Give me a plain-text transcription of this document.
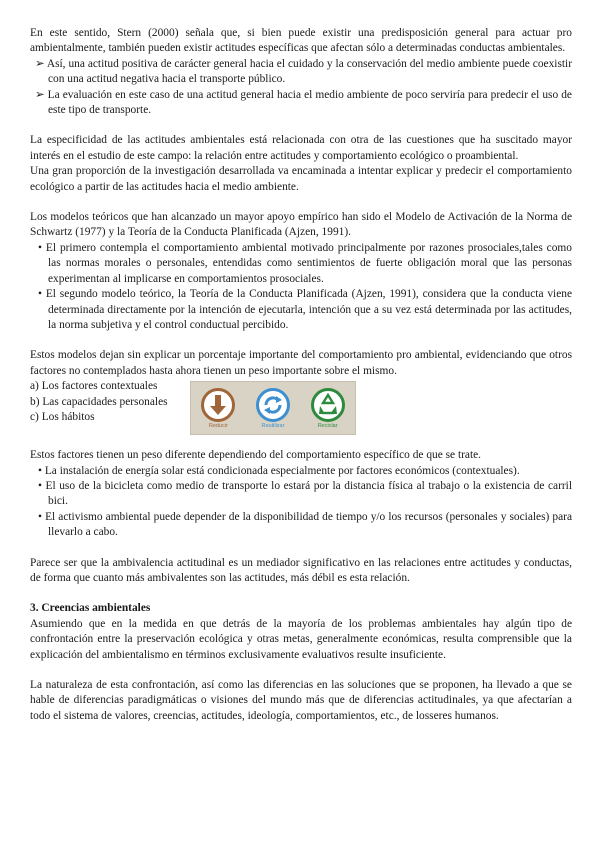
En este sentido, Stern (2000) señala que, si bien puede existir una predisposición general para actuar pro ambientalmente, también pueden existir actitudes específicas que afectan sólo a determinadas conductas ambientales.

➢ Así, una actitud positiva de carácter general hacia el cuidado y la conservación del medio ambiente puede coexistir con una actitud negativa hacia el transporte público.

➢ La evaluación en este caso de una actitud general hacia el medio ambiente de poco serviría para predecir el uso de este tipo de transporte.

La especificidad de las actitudes ambientales está relacionada con otra de las cuestiones que ha suscitado mayor interés en el estudio de este campo: la relación entre actitudes y comportamiento ecológico o proambiental.

Una gran proporción de la investigación desarrollada va encaminada a intentar explicar y predecir el comportamiento ecológico a partir de las actitudes hacia el medio ambiente.

Los modelos teóricos que han alcanzado un mayor apoyo empírico han sido el Modelo de Activación de la Norma de Schwartz (1977) y la Teoría de la Conducta Planificada (Ajzen, 1991).

• El primero contempla el comportamiento ambiental motivado principalmente por razones prosociales,tales como las normas morales o personales, entendidas como sentimientos de fuerte obligación moral que las personas experimentan al implicarse en comportamientos prosociales.

• El segundo modelo teórico, la Teoría de la Conducta Planificada (Ajzen, 1991), considera que la conducta viene determinada directamente por la intención de ejecutarla, intención que a su vez está determinada por las actitudes, la norma subjetiva y el control conductual percibido.

Estos modelos dejan sin explicar un porcentaje importante del comportamiento pro ambiental, evidenciando que otros factores no contemplados hasta ahora tienen un peso importante sobre el mismo.

a) Los factores contextuales
b) Las capacidades personales
c) Los hábitos
Reducir	Reutilizar	Reciclar

Estos factores tienen un peso diferente dependiendo del comportamiento específico de que se trate.

• La instalación de energía solar está condicionada especialmente por factores económicos (contextuales).

• El uso de la bicicleta como medio de transporte lo estará por la distancia física al trabajo o la existencia de carril bici.

• El activismo ambiental puede depender de la disponibilidad de tiempo y/o los recursos (personales y sociales) para llevarlo a cabo.

Parece ser que la ambivalencia actitudinal es un mediador significativo en las relaciones entre actitudes y conductas, de forma que cuanto más ambivalentes son las actitudes, más débil es esta relación.

3. Creencias ambientales

Asumiendo que en la medida en que detrás de la mayoría de los problemas ambientales hay algún tipo de confrontación entre la preservación ecológica y otras metas, generalmente económicas, resulta comprensible que la explicación del ambientalismo en términos exclusivamente evaluativos resulte insuficiente.

La naturaleza de esta confrontación, así como las diferencias en las soluciones que se proponen, ha llevado a que se hable de diferencias paradigmáticas o visiones del mundo más que de diferencias actitudinales, ya que afectarían a todo el sistema de valores, creencias, actitudes, ideología, comportamientos, etc., de losseres humanos.
